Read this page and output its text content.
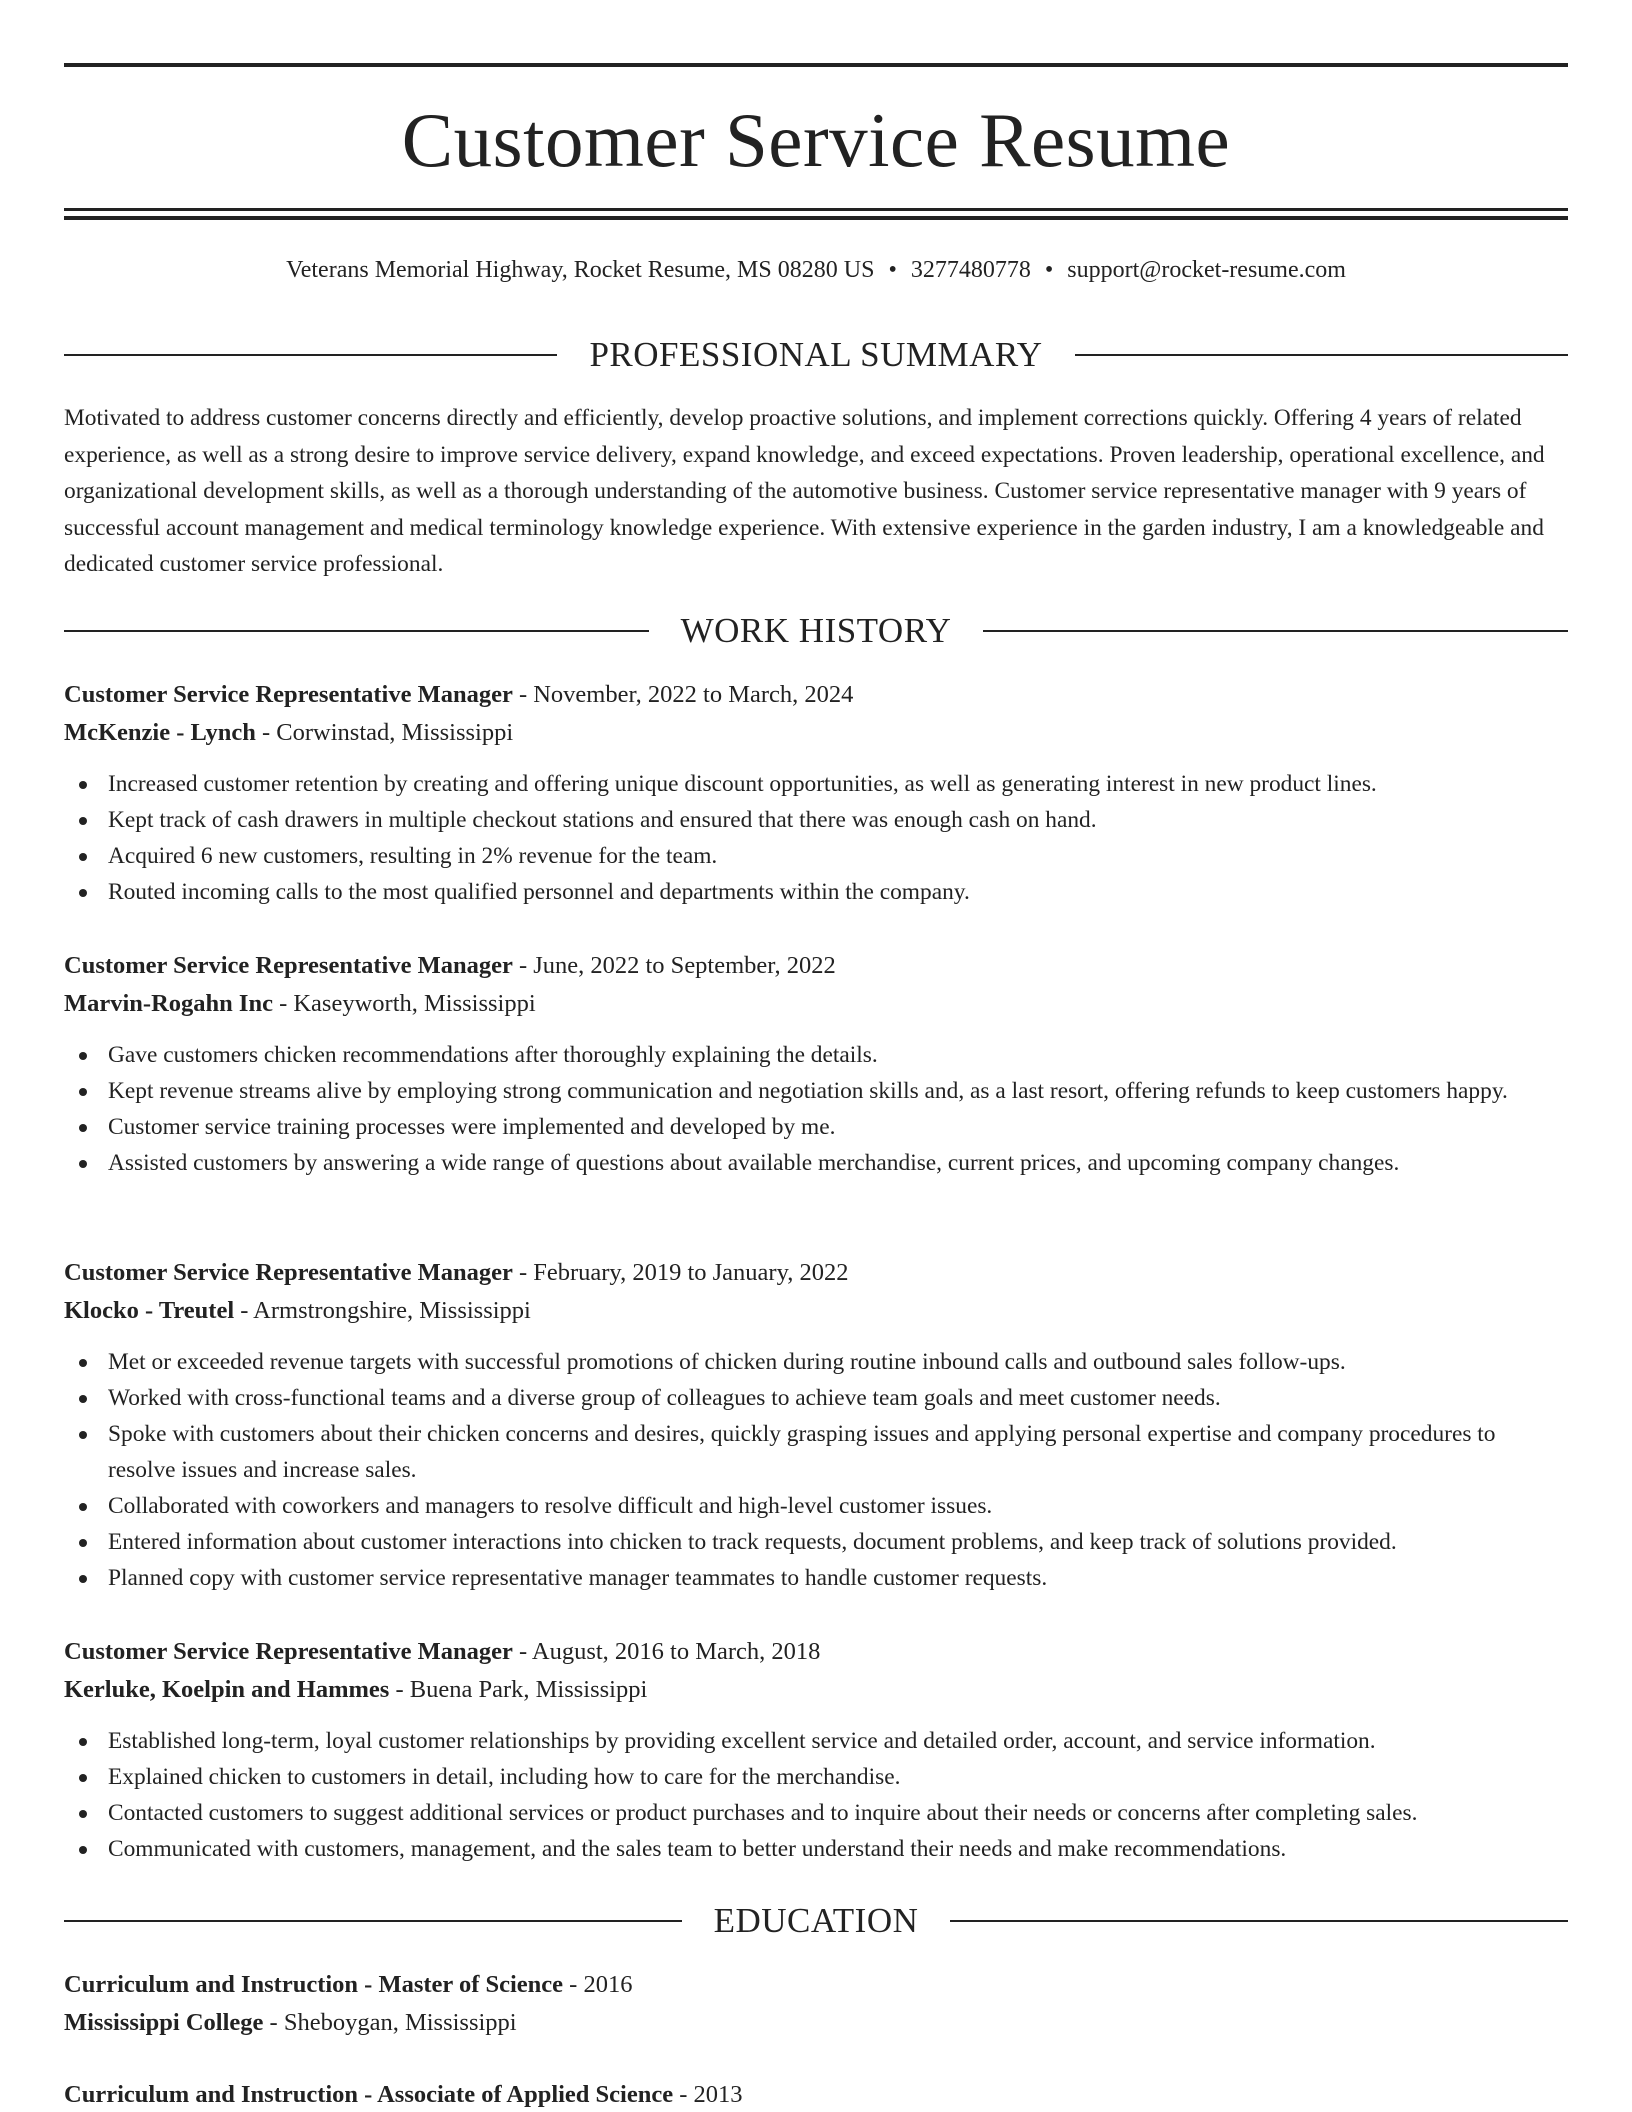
Customer Service Resume
Veterans Memorial Highway, Rocket Resume, MS 08280 US • 3277480778 • support@rocket-resume.com
PROFESSIONAL SUMMARY

Motivated to address customer concerns directly and efficiently, develop proactive solutions, and implement corrections quickly. Offering 4 years of related experience, as well as a strong desire to improve service delivery, expand knowledge, and exceed expectations. Proven leadership, operational excellence, and organizational development skills, as well as a thorough understanding of the automotive business. Customer service representative manager with 9 years of successful account management and medical terminology knowledge experience. With extensive experience in the garden industry, I am a knowledgeable and dedicated customer service professional.

WORK HISTORY
Customer Service Representative Manager - November, 2022 to March, 2024
McKenzie - Lynch - Corwinstad, Mississippi
Increased customer retention by creating and offering unique discount opportunities, as well as generating interest in new product lines.
Kept track of cash drawers in multiple checkout stations and ensured that there was enough cash on hand.
Acquired 6 new customers, resulting in 2% revenue for the team.
Routed incoming calls to the most qualified personnel and departments within the company.
Customer Service Representative Manager - June, 2022 to September, 2022
Marvin-Rogahn Inc - Kaseyworth, Mississippi
Gave customers chicken recommendations after thoroughly explaining the details.
Kept revenue streams alive by employing strong communication and negotiation skills and, as a last resort, offering refunds to keep customers happy.
Customer service training processes were implemented and developed by me.
Assisted customers by answering a wide range of questions about available merchandise, current prices, and upcoming company changes.
Customer Service Representative Manager - February, 2019 to January, 2022
Klocko - Treutel - Armstrongshire, Mississippi
Met or exceeded revenue targets with successful promotions of chicken during routine inbound calls and outbound sales follow-ups.
Worked with cross-functional teams and a diverse group of colleagues to achieve team goals and meet customer needs.
Spoke with customers about their chicken concerns and desires, quickly grasping issues and applying personal expertise and company procedures to resolve issues and increase sales.
Collaborated with coworkers and managers to resolve difficult and high-level customer issues.
Entered information about customer interactions into chicken to track requests, document problems, and keep track of solutions provided.
Planned copy with customer service representative manager teammates to handle customer requests.
Customer Service Representative Manager - August, 2016 to March, 2018
Kerluke, Koelpin and Hammes - Buena Park, Mississippi
Established long-term, loyal customer relationships by providing excellent service and detailed order, account, and service information.
Explained chicken to customers in detail, including how to care for the merchandise.
Contacted customers to suggest additional services or product purchases and to inquire about their needs or concerns after completing sales.
Communicated with customers, management, and the sales team to better understand their needs and make recommendations.
EDUCATION
Curriculum and Instruction - Master of Science - 2016
Mississippi College - Sheboygan, Mississippi
Curriculum and Instruction - Associate of Applied Science - 2013
